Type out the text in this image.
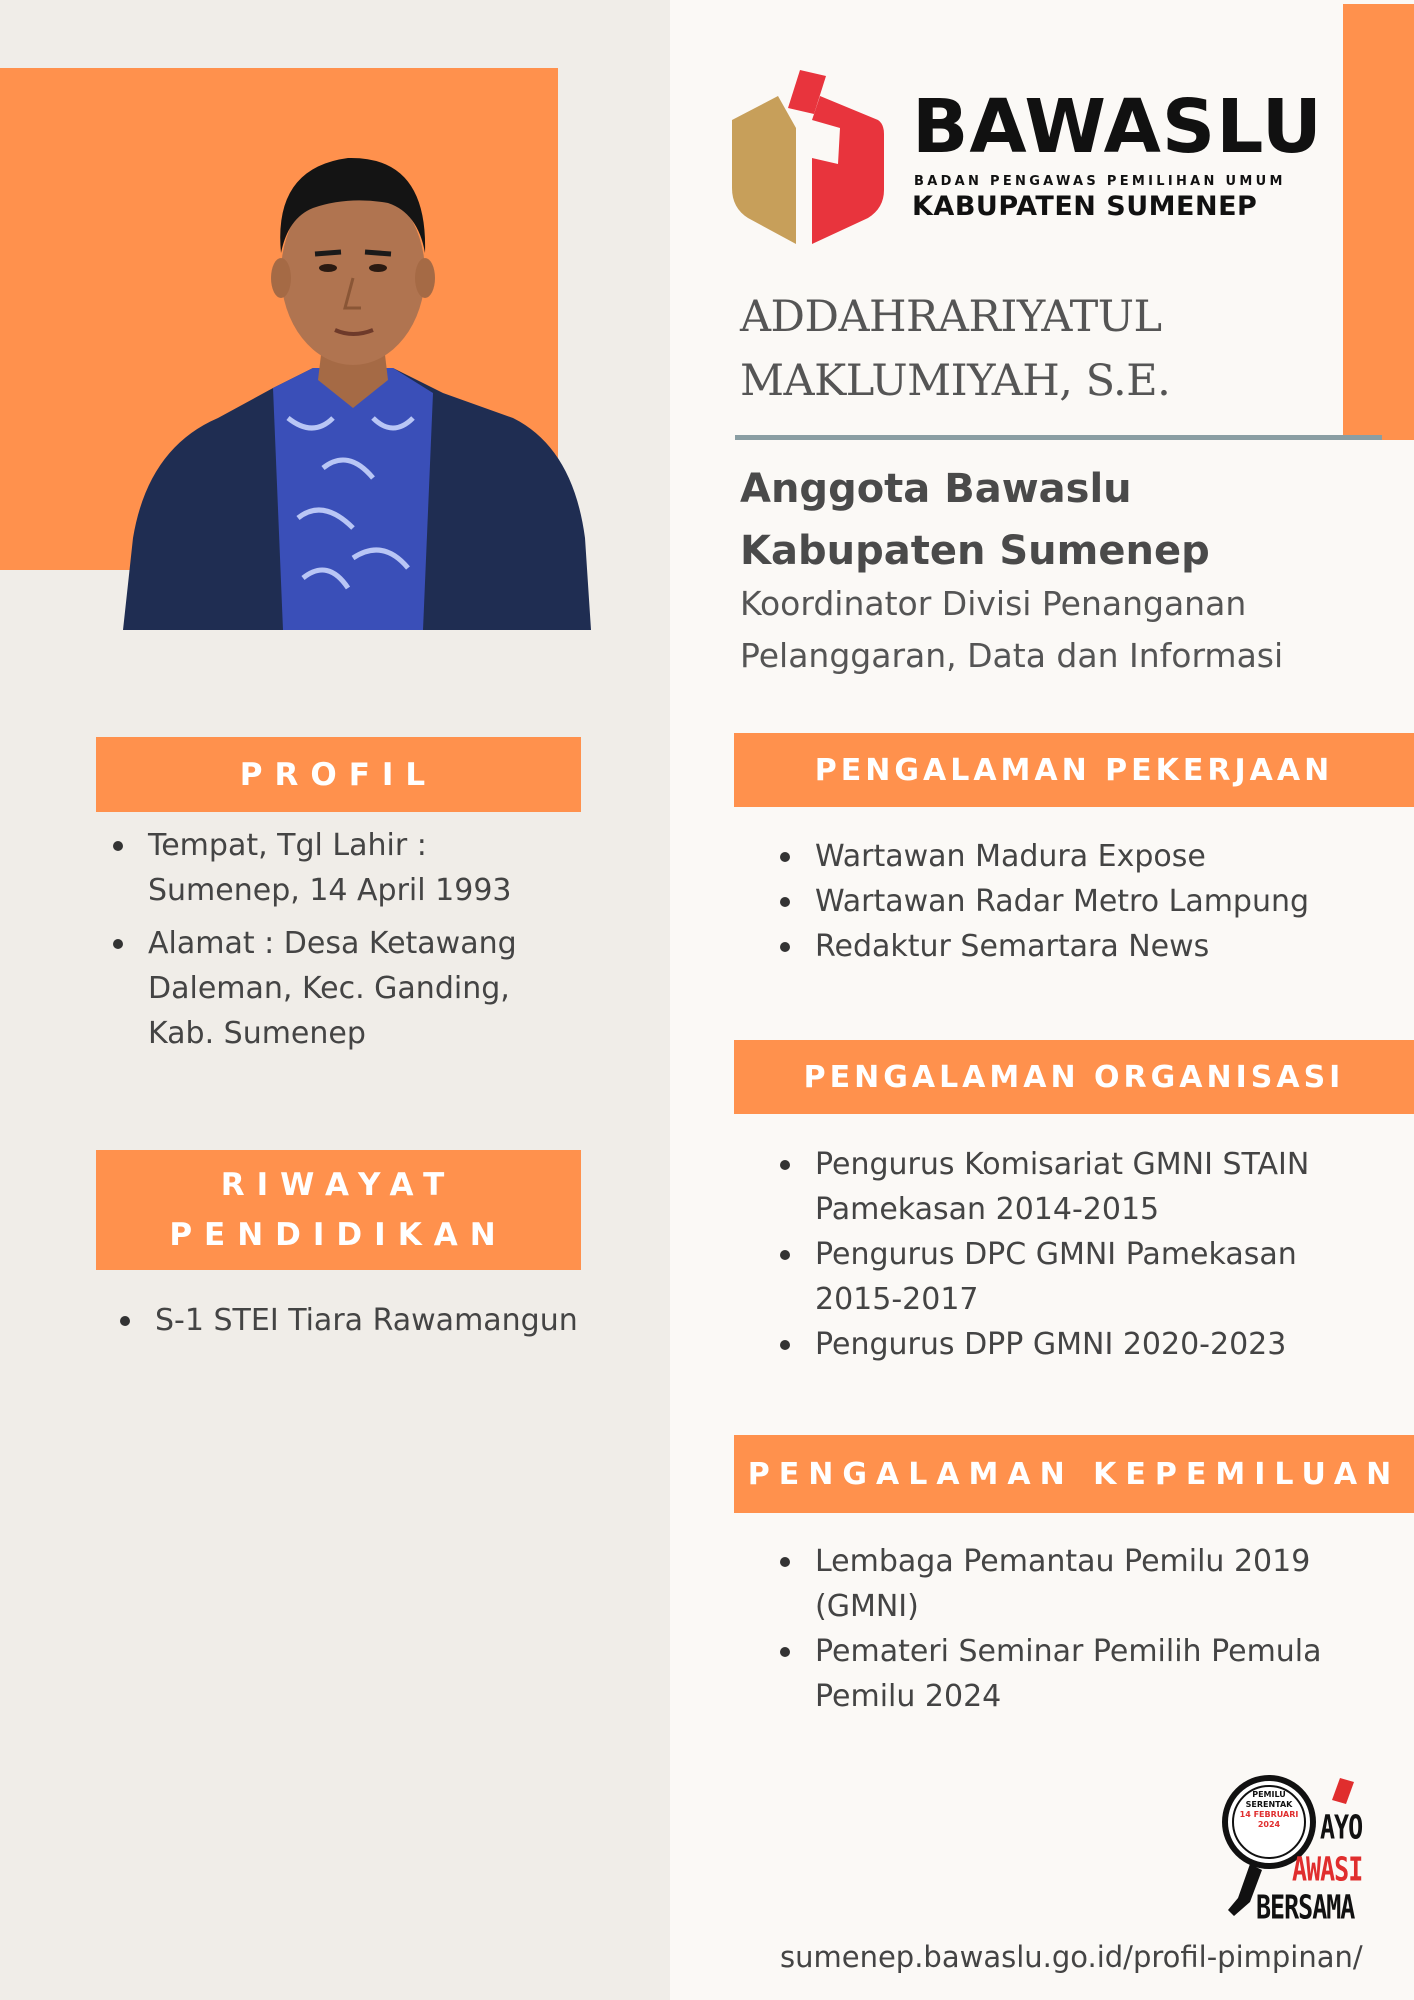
BAWASLU
BADAN PENGAWAS PEMILIHAN UMUM
KABUPATEN SUMENEP
ADDAHRARIYATUL
MAKLUMIYAH, S.E.
Anggota Bawaslu
Kabupaten Sumenep
Koordinator Divisi Penanganan
Pelanggaran, Data dan Informasi
PROFIL
Tempat, Tgl Lahir :
Sumenep, 14 April 1993
Alamat : Desa Ketawang
Daleman, Kec. Ganding,
Kab. Sumenep
RIWAYAT
PENDIDIKAN
S-1 STEI Tiara Rawamangun
PENGALAMAN PEKERJAAN
Wartawan Madura Expose
Wartawan Radar Metro Lampung
Redaktur Semartara News
PENGALAMAN ORGANISASI
Pengurus Komisariat GMNI STAIN
Pamekasan 2014-2015
Pengurus DPC GMNI Pamekasan
2015-2017
Pengurus DPP GMNI 2020-2023
PENGALAMAN KEPEMILUAN
Lembaga Pemantau Pemilu 2019
(GMNI)
Pemateri Seminar Pemilih Pemula
Pemilu 2024
PEMILU
SERENTAK
14 FEBRUARI
2024	AYO
AWASI
BERSAMA
sumenep.bawaslu.go.id/profil-pimpinan/
